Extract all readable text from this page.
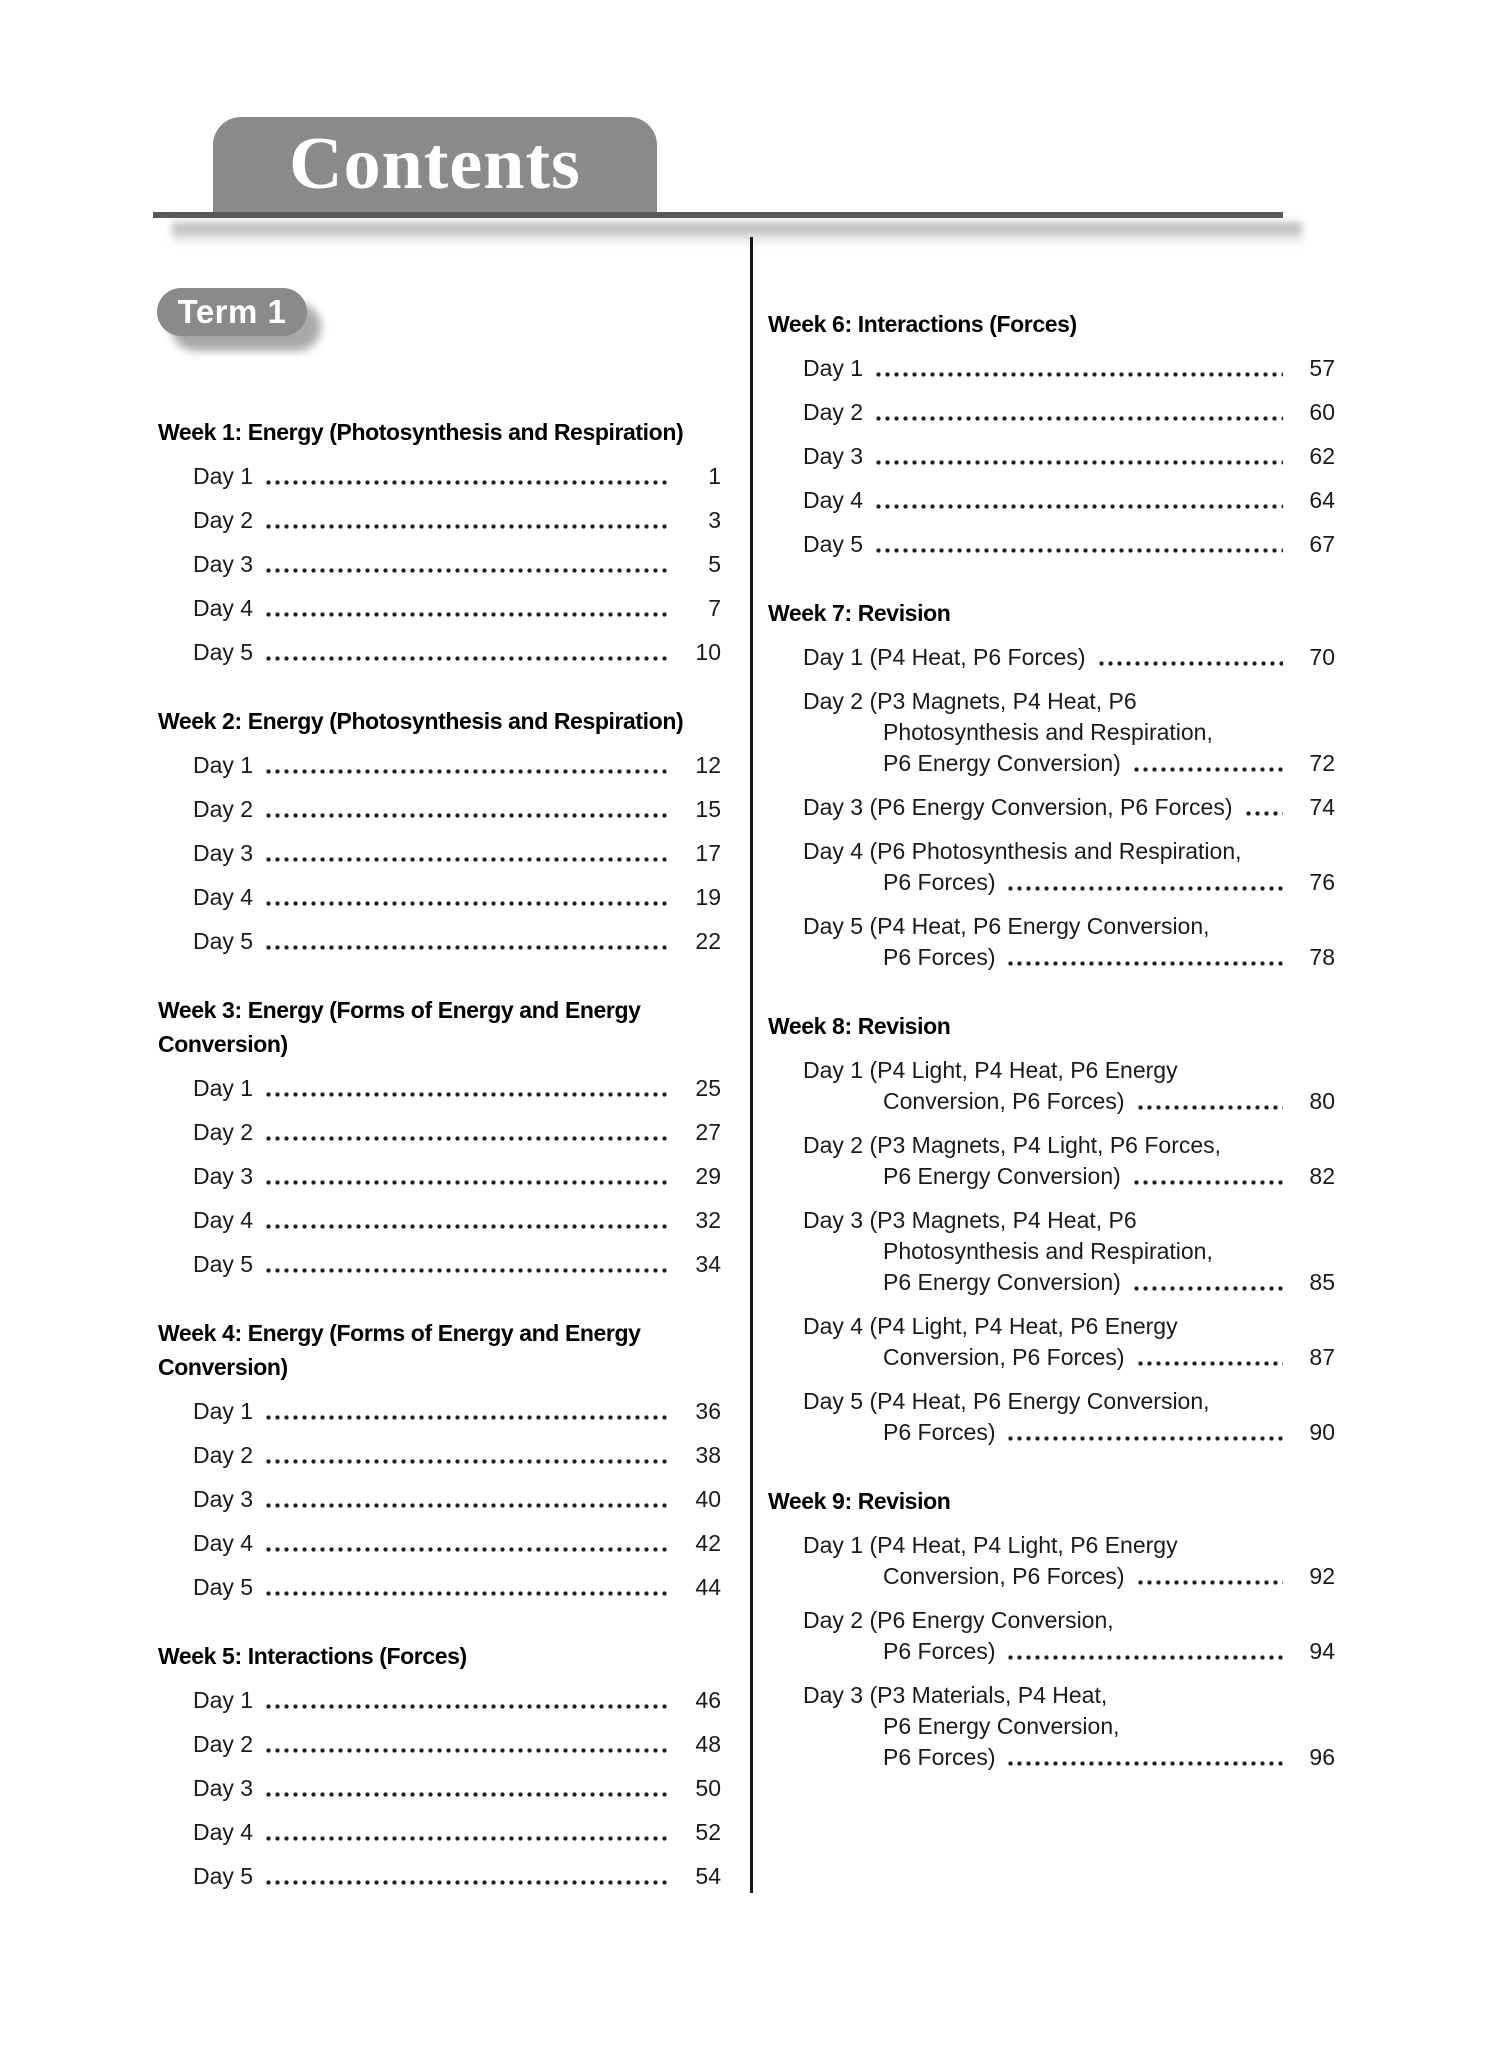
Contents
Term 1
Week 1: Energy (Photosynthesis and Respiration)
Day 1	1
Day 2	3
Day 3	5
Day 4	7
Day 5	10
Week 2: Energy (Photosynthesis and Respiration)
Day 1	12
Day 2	15
Day 3	17
Day 4	19
Day 5	22
Week 3: Energy (Forms of Energy and Energy
Conversion)
Day 1	25
Day 2	27
Day 3	29
Day 4	32
Day 5	34
Week 4: Energy (Forms of Energy and Energy
Conversion)
Day 1	36
Day 2	38
Day 3	40
Day 4	42
Day 5	44
Week 5: Interactions (Forces)
Day 1	46
Day 2	48
Day 3	50
Day 4	52
Day 5	54
Week 6: Interactions (Forces)
Day 1	57
Day 2	60
Day 3	62
Day 4	64
Day 5	67
Week 7: Revision
Day 1 (P4 Heat, P6 Forces)	70
Day 2 (P3 Magnets, P4 Heat, P6
Photosynthesis and Respiration,
P6 Energy Conversion)	72
Day 3 (P6 Energy Conversion, P6 Forces)	74
Day 4 (P6 Photosynthesis and Respiration,
P6 Forces)	76
Day 5 (P4 Heat, P6 Energy Conversion,
P6 Forces)	78
Week 8: Revision
Day 1 (P4 Light, P4 Heat, P6 Energy
Conversion, P6 Forces)	80
Day 2 (P3 Magnets, P4 Light, P6 Forces,
P6 Energy Conversion)	82
Day 3 (P3 Magnets, P4 Heat, P6
Photosynthesis and Respiration,
P6 Energy Conversion)	85
Day 4 (P4 Light, P4 Heat, P6 Energy
Conversion, P6 Forces)	87
Day 5 (P4 Heat, P6 Energy Conversion,
P6 Forces)	90
Week 9: Revision
Day 1 (P4 Heat, P4 Light, P6 Energy
Conversion, P6 Forces)	92
Day 2 (P6 Energy Conversion,
P6 Forces)	94
Day 3 (P3 Materials, P4 Heat,
P6 Energy Conversion,
P6 Forces)	96
